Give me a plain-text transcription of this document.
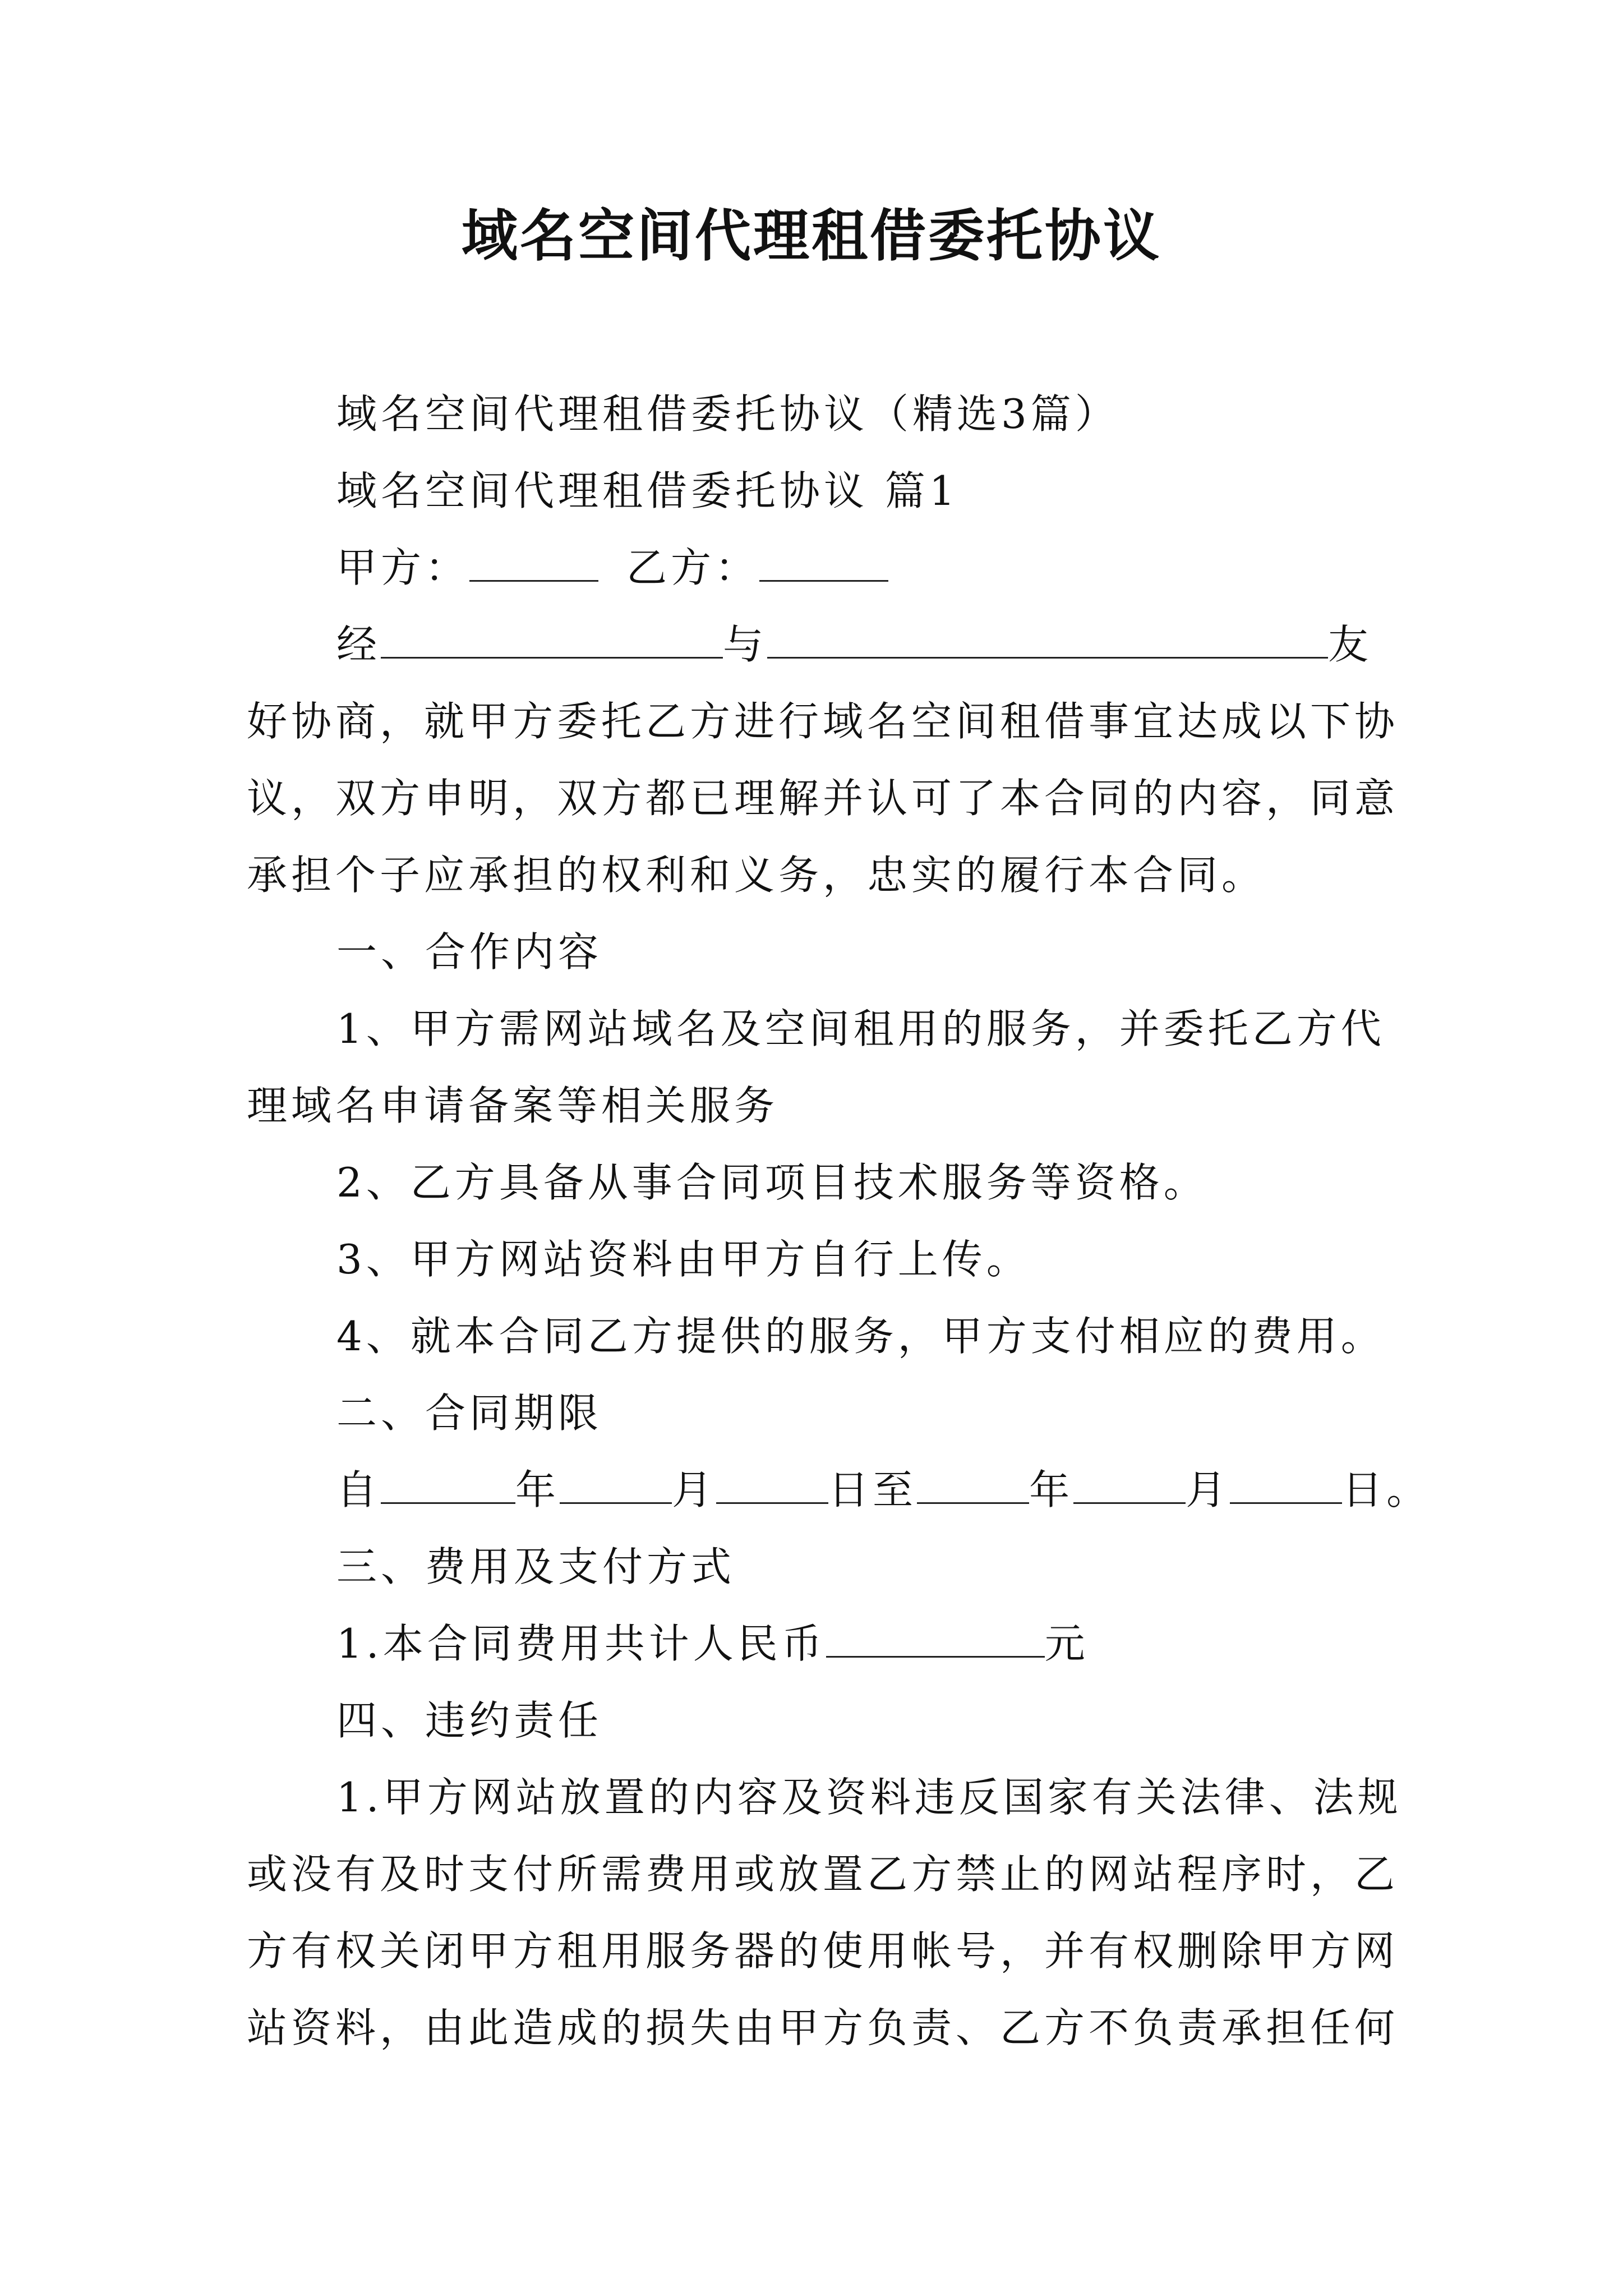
域名空间代理租借委托协议
域名空间代理租借委托协议（精选3篇）
域名空间代理租借委托协议 篇1
甲方：	乙方：
经	与	友
好协商，就甲方委托乙方进行域名空间租借事宜达成以下协
议，双方申明，双方都已理解并认可了本合同的内容，同意
承担个子应承担的权利和义务，忠实的履行本合同。
一、合作内容
1、甲方需网站域名及空间租用的服务，并委托乙方代
理域名申请备案等相关服务
2、乙方具备从事合同项目技术服务等资格。
3、甲方网站资料由甲方自行上传。
4、就本合同乙方提供的服务，甲方支付相应的费用。
二、合同期限
自	年	月	日至	年	月	日。
三、费用及支付方式
1.本合同费用共计人民币	元
四、违约责任
1.甲方网站放置的内容及资料违反国家有关法律、法规
或没有及时支付所需费用或放置乙方禁止的网站程序时，乙
方有权关闭甲方租用服务器的使用帐号，并有权删除甲方网
站资料，由此造成的损失由甲方负责、乙方不负责承担任何
